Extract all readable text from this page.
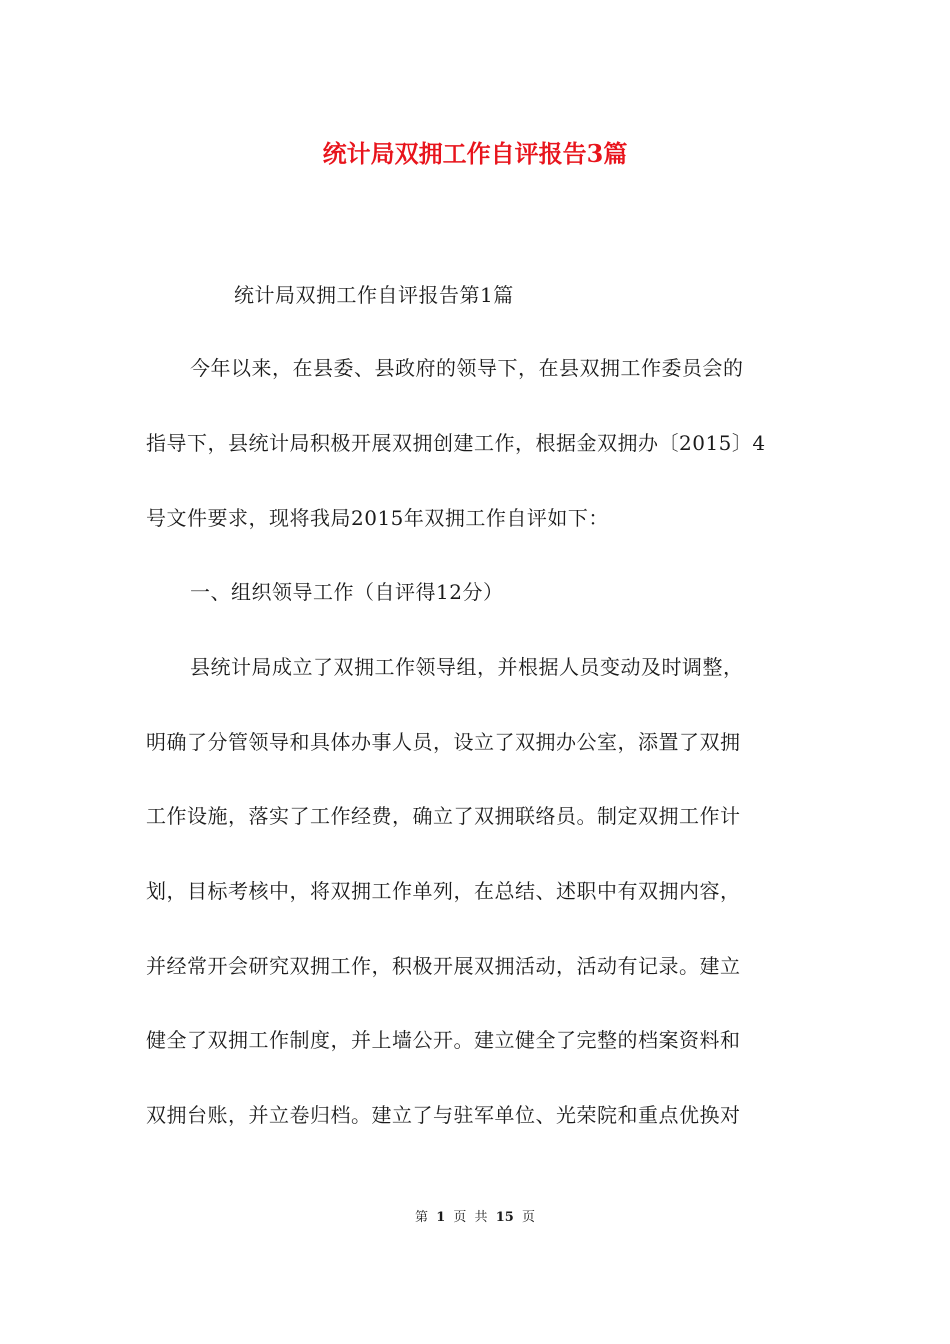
统计局双拥工作自评报告3篇
统计局双拥工作自评报告第1篇
今年以来，在县委、县政府的领导下，在县双拥工作委员会的
指导下，县统计局积极开展双拥创建工作，根据金双拥办〔2015〕4
号文件要求，现将我局2015年双拥工作自评如下：
一、组织领导工作（自评得12分）
县统计局成立了双拥工作领导组，并根据人员变动及时调整，
明确了分管领导和具体办事人员，设立了双拥办公室，添置了双拥
工作设施，落实了工作经费，确立了双拥联络员。制定双拥工作计
划，目标考核中，将双拥工作单列，在总结、述职中有双拥内容，
并经常开会研究双拥工作，积极开展双拥活动，活动有记录。建立
健全了双拥工作制度，并上墙公开。建立健全了完整的档案资料和
双拥台账，并立卷归档。建立了与驻军单位、光荣院和重点优换对
第 1 页 共 15 页
